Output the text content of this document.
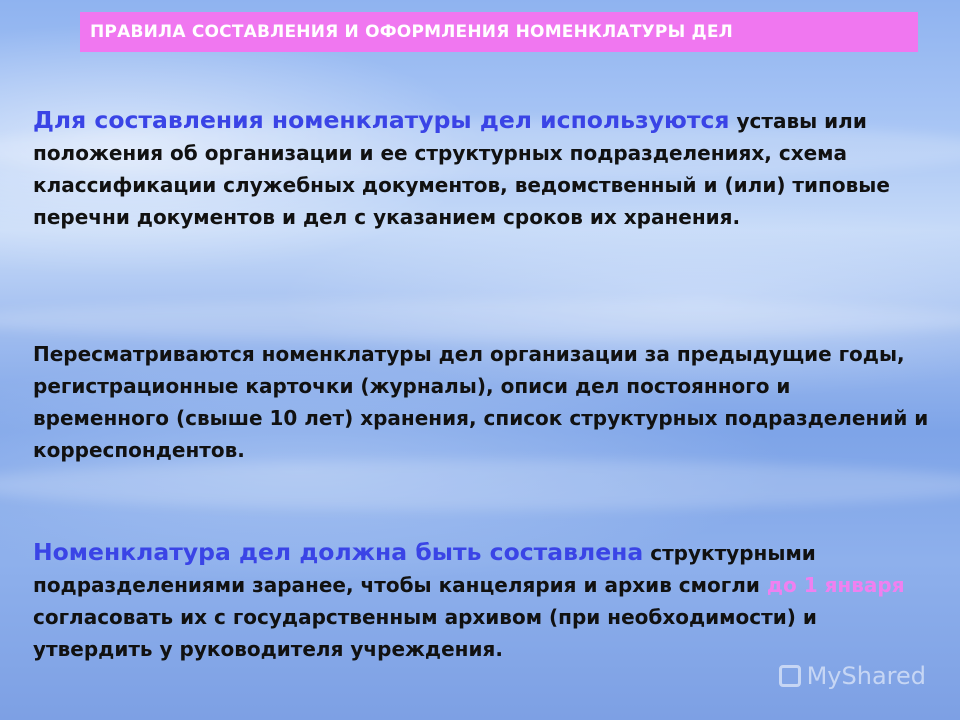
ПРАВИЛА СОСТАВЛЕНИЯ И ОФОРМЛЕНИЯ НОМЕНКЛАТУРЫ ДЕЛ
Для составления номенклатуры дел используются уставы или положения об организации и ее структурных подразделениях, схема классификации служебных документов, ведомственный и (или) типовые перечни документов и дел с указанием сроков их хранения.
Пересматриваются номенклатуры дел организации за предыдущие годы, регистрационные карточки (журналы), описи дел постоянного и временного (свыше 10 лет) хранения, список структурных подразделений и корреспондентов.
Номенклатура дел должна быть составлена структурными подразделениями заранее, чтобы канцелярия и архив смогли до 1 января согласовать их с государственным архивом (при необходимости) и утвердить у руководителя учреждения.
MyShared
